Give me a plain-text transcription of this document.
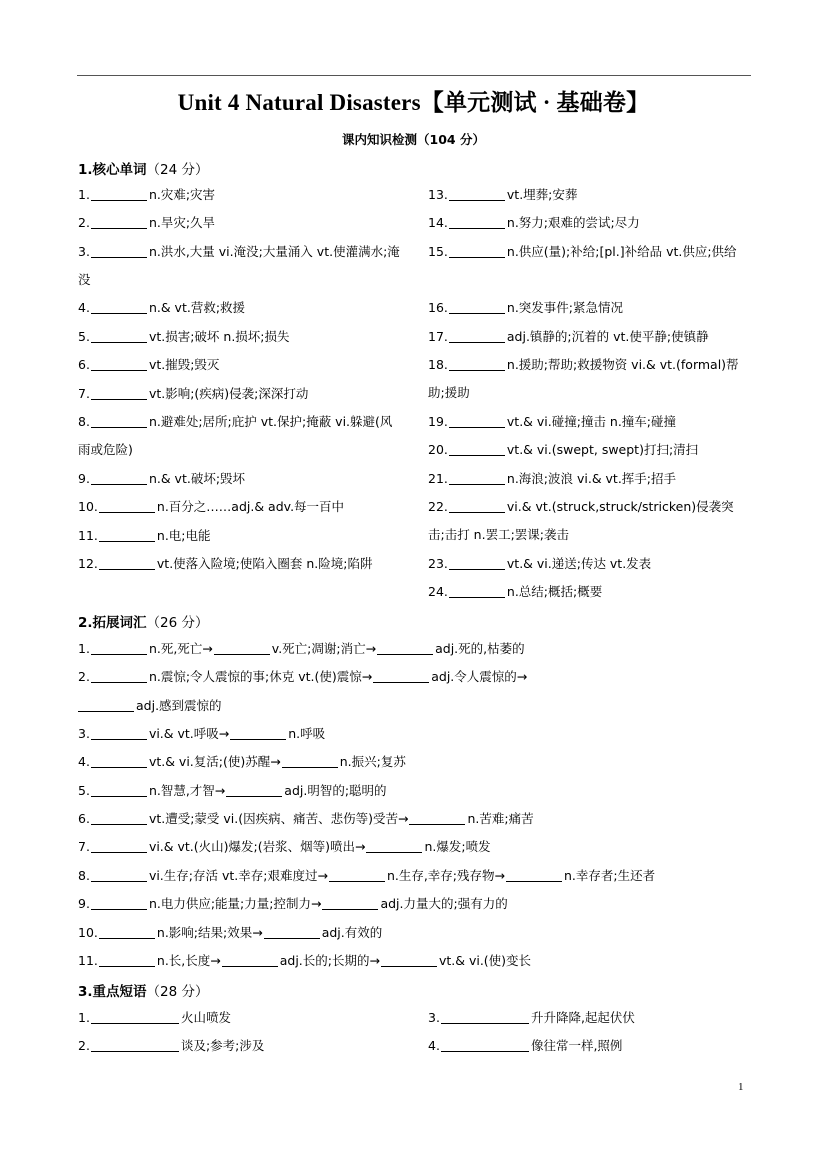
Unit 4 Natural Disasters【单元测试 · 基础卷】
课内知识检测（104 分）
1.核心单词（24 分）
1.	n.灾难;灾害
2.	n.旱灾;久旱
3.	n.洪水,大量 vi.淹没;大量涌入 vt.使灌满水;淹没
4.	n.& vt.营救;救援
5.	vt.损害;破坏 n.损坏;损失
6.	vt.摧毁;毁灭
7.	vt.影响;(疾病)侵袭;深深打动
8.	n.避难处;居所;庇护 vt.保护;掩蔽 vi.躲避(风雨或危险)
9.	n.& vt.破坏;毁坏
10.	n.百分之……adj.& adv.每一百中
11.	n.电;电能
12.	vt.使落入险境;使陷入圈套 n.险境;陷阱
13.	vt.埋葬;安葬
14.	n.努力;艰难的尝试;尽力
15.	n.供应(量);补给;[pl.]补给品 vt.供应;供给
16.	n.突发事件;紧急情况
17.	adj.镇静的;沉着的 vt.使平静;使镇静
18.	n.援助;帮助;救援物资 vi.& vt.(formal)帮助;援助
19.	vt.& vi.碰撞;撞击 n.撞车;碰撞
20.	vt.& vi.(swept, swept)打扫;清扫
21.	n.海浪;波浪 vi.& vt.挥手;招手
22.	vi.& vt.(struck,struck/stricken)侵袭突击;击打 n.罢工;罢课;袭击
23.	vt.& vi.递送;传达 vt.发表
24.	n.总结;概括;概要
2.拓展词汇（26 分）
1.	n.死,死亡→	v.死亡;凋谢;消亡→	adj.死的,枯萎的
2.	n.震惊;令人震惊的事;休克 vt.(使)震惊→	adj.令人震惊的→
adj.感到震惊的
3.	vi.& vt.呼吸→	n.呼吸
4.	vt.& vi.复活;(使)苏醒→	n.振兴;复苏
5.	n.智慧,才智→	adj.明智的;聪明的
6.	vt.遭受;蒙受 vi.(因疾病、痛苦、悲伤等)受苦→	n.苦难;痛苦
7.	vi.& vt.(火山)爆发;(岩浆、烟等)喷出→	n.爆发;喷发
8.	vi.生存;存活 vt.幸存;艰难度过→	n.生存,幸存;残存物→	n.幸存者;生还者
9.	n.电力供应;能量;力量;控制力→	adj.力量大的;强有力的
10.	n.影响;结果;效果→	adj.有效的
11.	n.长,长度→	adj.长的;长期的→	vt.& vi.(使)变长
3.重点短语（28 分）
1.	火山喷发
2.	谈及;参考;涉及
3.	升升降降,起起伏伏
4.	像往常一样,照例
1
